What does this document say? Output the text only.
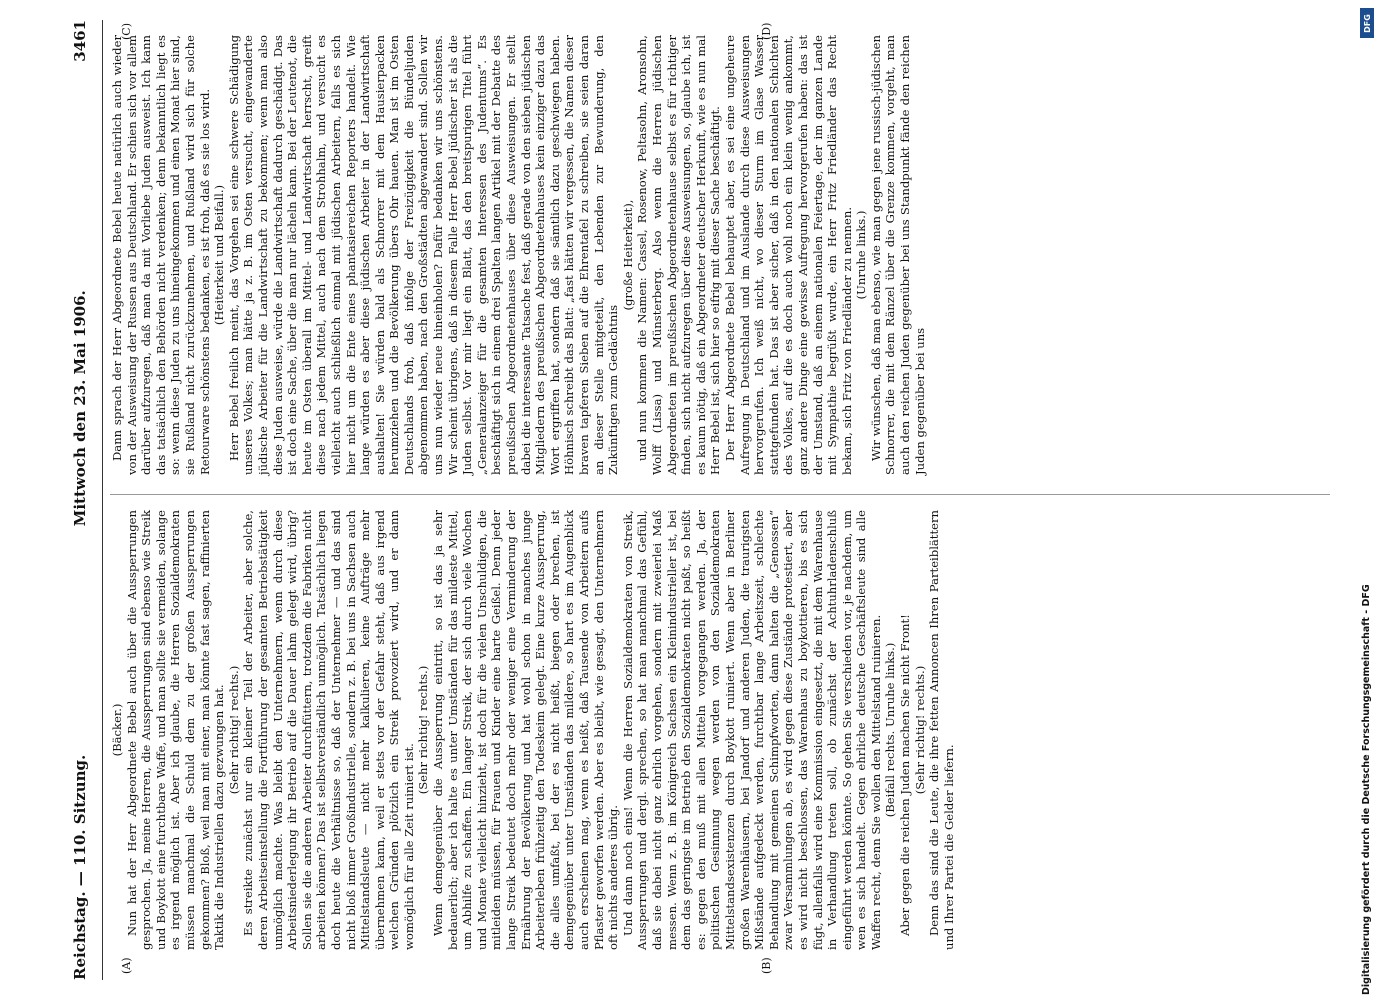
Reichstag. — 110. Sitzung.
Mittwoch den 23. Mai 1906.
3461
(A)	(B)
(C)	(D)

(Bäcker.) Nun hat der Herr Abgeordnete Bebel auch über die Aussperrungen gesprochen. Ja, meine Herren, die Aussperrungen sind ebenso wie Streik und Boykott eine furchtbare Waffe, und man sollte sie vermeiden, solange es irgend möglich ist. Aber ich glaube, die Herren Sozialdemokraten müssen manchmal die Schuld dem zu der großen Aussperrungen gekommen? Bloß, weil man mit einer, man könnte fast sagen, raffinierten Taktik die Industriellen dazu gezwungen hat. (Sehr richtig! rechts.) Es streikte zunächst nur ein kleiner Teil der Arbeiter, aber solche, deren Arbeitseinstellung die Fortführung der gesamten Betriebstätigkeit unmöglich machte. Was bleibt den Unternehmern, wenn durch diese Arbeitsniederlegung ihr Betrieb auf die Dauer lahm gelegt wird, übrig? Sollen sie die anderen Arbeiter durchfüttern, trotzdem die Fabriken nicht arbeiten können? Das ist selbstverständlich unmöglich. Tatsächlich liegen doch heute die Verhältnisse so, daß der Unternehmer — und das sind nicht bloß immer Großindustrielle, sondern z. B. bei uns in Sachsen auch Mittelstandsleute — nicht mehr kalkulieren, keine Aufträge mehr übernehmen kann, weil er stets vor der Gefahr steht, daß aus irgend welchen Gründen plötzlich ein Streik provoziert wird, und er dann womöglich für alle Zeit ruiniert ist.

(Sehr richtig! rechts.) Wenn demgegenüber die Aussperrung eintritt, so ist das ja sehr bedauerlich; aber ich halte es unter Umständen für das mildeste Mittel, um Abhilfe zu schaffen. Ein langer Streik, der sich durch viele Wochen und Monate vielleicht hinzieht, ist doch für die vielen Unschuldigen, die mitleiden müssen, für Frauen und Kinder eine harte Geißel. Denn jeder lange Streik bedeutet doch mehr oder weniger eine Verminderung der Ernährung der Bevölkerung und hat wohl schon in manches junge Arbeiterleben frühzeitig den Todeskeim gelegt. Eine kurze Aussperrung, die alles umfaßt, bei der es nicht heißt, biegen oder brechen, ist demgegenüber unter Umständen das mildere, so hart es im Augenblick auch erscheinen mag, wenn es heißt, daß Tausende von Arbeitern aufs Pflaster geworfen werden. Aber es bleibt, wie gesagt, den Unternehmern oft nichts anderes übrig. Und dann noch eins! Wenn die Herren Sozialdemokraten von Streik, Aussperrungen und dergl. sprechen, so hat man manchmal das Gefühl, daß sie dabei nicht ganz ehrlich vorgehen, sondern mit zweierlei Maß messen. Wenn z. B. im Königreich Sachsen ein Kleinindustrieller ist, bei dem das geringste im Betrieb den Sozialdemokraten nicht paßt, so heißt es: gegen den muß mit allen Mitteln vorgegangen werden. Ja, der politischen Gesinnung wegen werden von den Sozialdemokraten Mittelstandsexistenzen durch Boykott ruiniert. Wenn aber in Berliner großen Warenhäusern, bei Jandorf und anderen Juden, die traurigsten Mißstände aufgedeckt werden, furchtbar lange Arbeitszeit, schlechte Behandlung mit gemeinen Schimpfworten, dann halten die „Genossen“ zwar Versammlungen ab, es wird gegen diese Zustände protestiert, aber es wird nicht beschlossen, das Warenhaus zu boykottieren, bis es sich fügt, allenfalls wird eine Kommission eingesetzt, die mit dem Warenhause in Verhandlung treten soll, ob zunächst der Achtuhrladenschluß eingeführt werden könnte. So gehen Sie verschieden vor, je nachdem, um wen es sich handelt. Gegen ehrliche deutsche Geschäftsleute sind alle Waffen recht, denn Sie wollen den Mittelstand ruinieren. (Beifall rechts. Unruhe links.) Aber gegen die reichen Juden machen Sie nicht Front! (Sehr richtig! rechts.) Denn das sind die Leute, die ihre fetten Annoncen Ihren Parteiblättern und Ihrer Partei die Gelder liefern.

Dann sprach der Herr Abgeordnete Bebel heute natürlich auch wieder von der Ausweisung der Russen aus Deutschland. Er schien sich vor allem darüber aufzuregen, daß man da mit Vorliebe Juden ausweist. Ich kann das tatsächlich den Behörden nicht verdenken; denn bekanntlich liegt es so: wenn diese Juden zu uns hineingekommen und einen Monat hier sind, sie Rußland nicht zurückzunehmen, und Rußland wird sich für solche Retourware schönstens bedanken, es ist froh, daß es sie los wird. (Heiterkeit und Beifall.) Herr Bebel freilich meint, das Vorgehen sei eine schwere Schädigung unseres Volkes; man hätte ja z. B. im Osten versucht, eingewanderte jüdische Arbeiter für die Landwirtschaft zu bekommen; wenn man also diese Juden ausweise, würde die Landwirtschaft dadurch geschädigt. Das ist doch eine Sache, über die man nur lächeln kann. Bei der Leutenot, die heute im Osten überall im Mittel- und Landwirtschaft herrscht, greift diese nach jedem Mittel, auch nach dem Strohhalm, und versucht es vielleicht auch schließlich einmal mit jüdischen Arbeitern, falls es sich hier nicht um die Ente eines phantasiereichen Reporters handelt. Wie lange würden es aber diese jüdischen Arbeiter in der Landwirtschaft aushalten! Sie würden bald als Schnorrer mit dem Hausierpacken herumziehen und die Bevölkerung übers Ohr hauen. Man ist im Osten Deutschlands froh, daß infolge der Freizügigkeit die Bündeljuden abgenommen haben, nach den Großstädten abgewandert sind. Sollen wir uns nun wieder neue hineinholen? Dafür bedanken wir uns schönstens. Wir scheint übrigens, daß in diesem Falle Herr Bebel jüdischer ist als die Juden selbst. Vor mir liegt ein Blatt, das den breitspurigen Titel führt „Generalanzeiger für die gesamten Interessen des Judentums“. Es beschäftigt sich in einem drei Spalten langen Artikel mit der Debatte des preußischen Abgeordnetenhauses über diese Ausweisungen. Er stellt dabei die interessante Tatsache fest, daß gerade von den sieben jüdischen Mitgliedern des preußischen Abgeordnetenhauses kein einziger dazu das Wort ergriffen hat, sondern daß sie sämtlich dazu geschwiegen haben. Höhnisch schreibt das Blatt: „fast hätten wir vergessen, die Namen dieser braven tapferen Sieben auf die Ehrentafel zu schreiben, sie seien daran an dieser Stelle mitgeteilt, den Lebenden zur Bewunderung, den Zukünftigen zum Gedächtnis

(große Heiterkeit), und nun kommen die Namen: Cassel, Rosenow, Peltasohn, Aronsohn, Wolff (Lissa) und Münsterberg. Also wenn die Herren jüdischen Abgeordneten im preußischen Abgeordnetenhause selbst es für richtiger finden, sich nicht aufzuregen über diese Ausweisungen, so, glaube ich, ist es kaum nötig, daß ein Abgeordneter deutscher Herkunft, wie es nun mal Herr Bebel ist, sich hier so eifrig mit dieser Sache beschäftigt. Der Herr Abgeordnete Bebel behauptet aber, es sei eine ungeheure Aufregung in Deutschland und im Auslande durch diese Ausweisungen hervorgerufen. Ich weiß nicht, wo dieser Sturm im Glase Wasser stattgefunden hat. Das ist aber sicher, daß in den nationalen Schichten des Volkes, auf die es doch auch wohl noch ein klein wenig ankommt, ganz andere Dinge eine gewisse Aufregung hervorgerufen haben: das ist der Umstand, daß an einem nationalen Feiertage, der im ganzen Lande mit Sympathie begrüßt wurde, ein Herr Fritz Friedländer das Recht bekam, sich Fritz von Friedländer zu nennen. (Unruhe links.) Wir wünschen, daß man ebenso, wie man gegen jene russisch-jüdischen Schnorrer, die mit dem Ränzel über die Grenze kommen, vorgeht, man auch den reichen Juden gegenüber bei uns Standpunkt fände den reichen Juden gegenüber bei uns

DFG
Digitalisierung gefördert durch die Deutsche Forschungsgemeinschaft - DFG
